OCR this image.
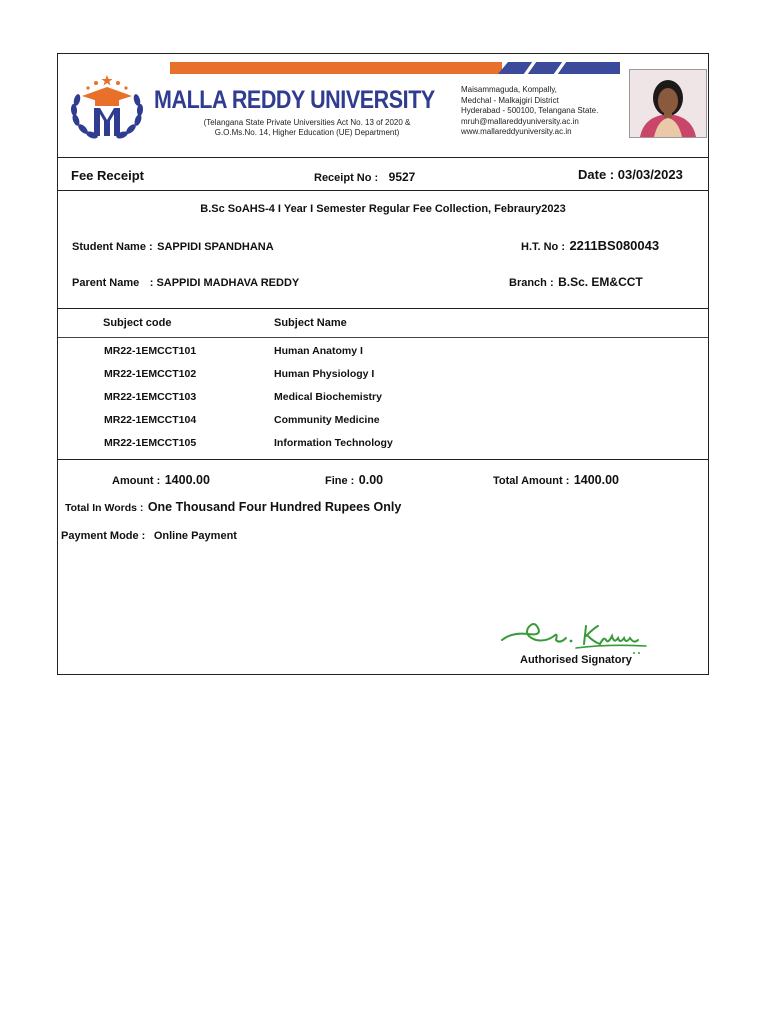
MALLA REDDY UNIVERSITY
(Telangana State Private Universities Act No. 13 of 2020 &
G.O.Ms.No. 14, Higher Education (UE) Department)
Maisammaguda, Kompally,
Medchal - Malkajgiri District
Hyderabad - 500100, Telangana State.
mruh@mallareddyuniversity.ac.in
www.mallareddyuniversity.ac.in
Fee Receipt	Receipt No : 9527	Date : 03/03/2023
B.Sc SoAHS-4 I Year I Semester Regular Fee Collection, Febraury2023
Student Name : SAPPIDI SPANDHANA	H.T. No : 2211BS080043
Parent Name : SAPPIDI MADHAVA REDDY	Branch : B.Sc. EM&CCT
Subject code	Subject Name
MR22-1EMCCT101	Human Anatomy I
MR22-1EMCCT102	Human Physiology I
MR22-1EMCCT103	Medical Biochemistry
MR22-1EMCCT104	Community Medicine
MR22-1EMCCT105	Information Technology
Amount : 1400.00	Fine : 0.00	Total Amount : 1400.00
Total In Words : One Thousand Four Hundred Rupees Only
Payment Mode : Online Payment
Authorised Signatory
